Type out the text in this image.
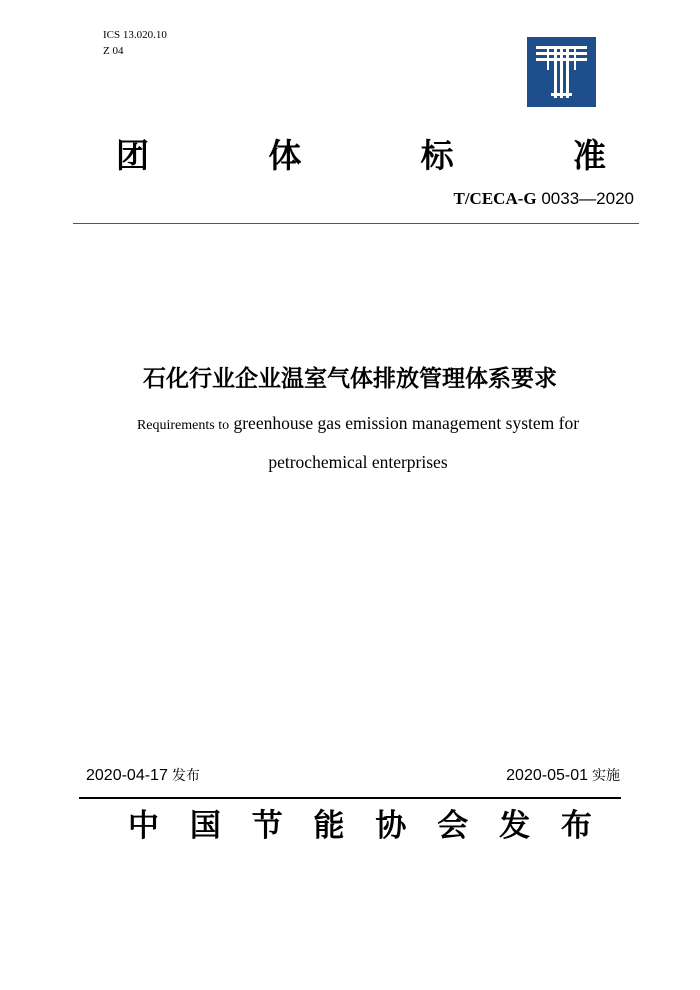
ICS 13.020.10
Z 04
团	体	标	准
T/CECA-G 0033—2020
石化行业企业温室气体排放管理体系要求
Requirements to greenhouse gas emission management system for
petrochemical enterprises
2020-04-17 发布	2020-05-01 实施
中 国 节 能 协 会 发 布
